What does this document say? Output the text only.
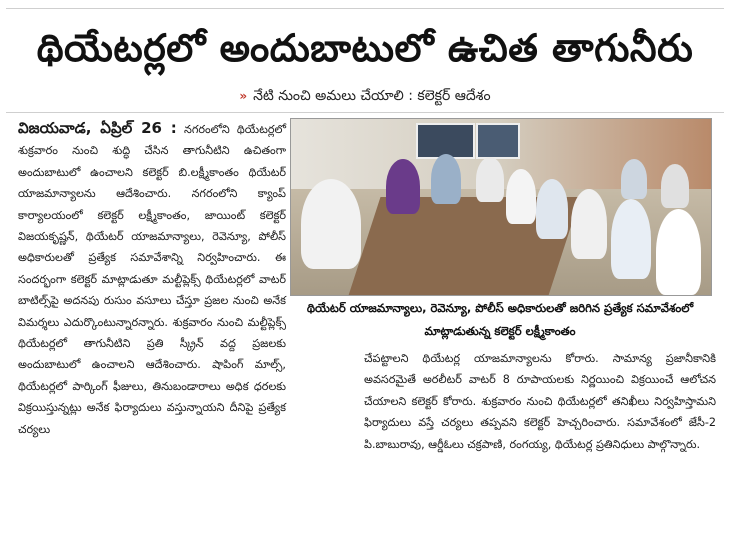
థియేటర్లలో అందుబాటులో ఉచిత తాగునీరు
» నేటి నుంచి అమలు చేయాలి : కలెక్టర్ ఆదేశం

విజయవాడ, ఏప్రిల్ 26 : నగరంలోని థియేటర్లలో శుక్రవారం నుంచి శుద్ధి చేసిన తాగునీటిని ఉచితంగా అందుబాటులో ఉంచాలని కలెక్టర్ బి.లక్ష్మీకాంతం థియేటర్ యాజమాన్యాలను ఆదేశించారు. నగరంలోని క్యాంప్ కార్యాలయంలో కలెక్టర్ లక్ష్మీకాంతం, జాయింట్ కలెక్టర్ విజయకృష్ణన్, థియేటర్ యాజమాన్యాలు, రెవెన్యూ, పోలీస్ అధికారులతో ప్రత్యేక సమావేశాన్ని నిర్వహించారు. ఈ సందర్భంగా కలెక్టర్ మాట్లాడుతూ మల్టీప్లెక్స్ థియేటర్లలో వాటర్ బాటిల్స్‌పై అదనపు రుసుం వసూలు చేస్తూ ప్రజల నుంచి అనేక విమర్శలు ఎదుర్కొంటున్నారన్నారు. శుక్రవారం నుంచి మల్టీప్లెక్స్ థియేటర్లలో తాగునీటిని ప్రతి స్క్రీన్ వద్ద ప్రజలకు అందుబాటులో ఉంచాలని ఆదేశించారు. షాపింగ్ మాల్స్, థియేటర్లలో పార్కింగ్ ఫీజులు, తినుబండారాలు అధిక ధరలకు విక్రయిస్తున్నట్లు అనేక ఫిర్యాదులు వస్తున్నాయని దీనిపై ప్రత్యేక చర్యలు

థియేటర్ యాజమాన్యాలు, రెవెన్యూ, పోలీస్ అధికారులతో జరిగిన ప్రత్యేక సమావేశంలో మాట్లాడుతున్న కలెక్టర్ లక్ష్మీకాంతం

చేపట్టాలని థియేటర్ల యాజమాన్యాలను కోరారు. సామాన్య ప్రజానీకానికి అవసరమైతే అరలీటర్ వాటర్ 8 రూపాయలకు నిర్ణయించి విక్రయించే ఆలోచన చేయాలని కలెక్టర్ కోరారు. శుక్రవారం నుంచి థియేటర్లలో తనిఖీలు నిర్వహిస్తామని ఫిర్యాదులు వస్తే చర్యలు తప్పవని కలెక్టర్ హెచ్చరించారు. సమావేశంలో జేసీ-2 పి.బాబురావు, ఆర్డీఓలు చక్రపాణి, రంగయ్య, థియేటర్ల ప్రతినిధులు పాల్గొన్నారు.
